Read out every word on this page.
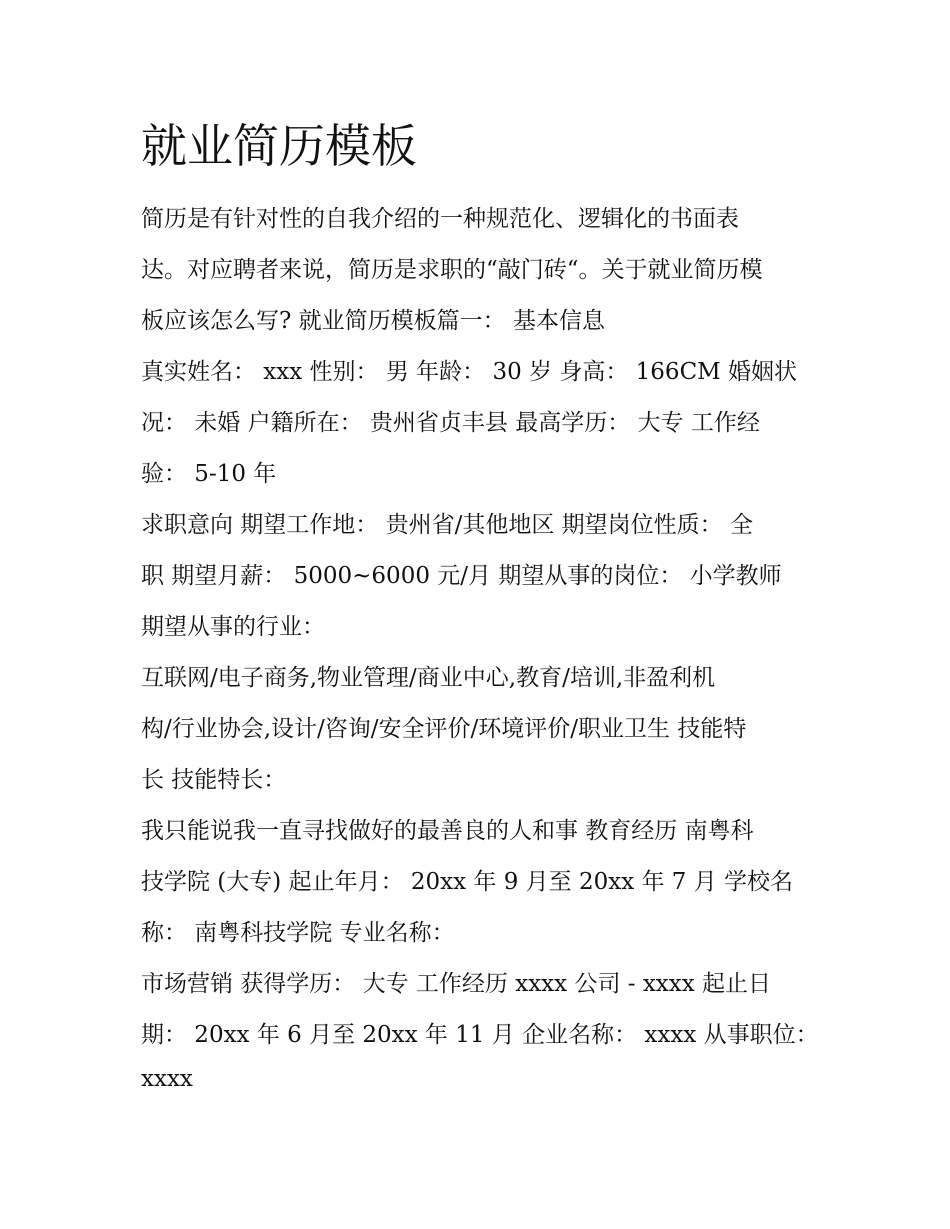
就业简历模板

简历是有针对性的自我介绍的一种规范化、逻辑化的书面表

达。对应聘者来说，简历是求职的“敲门砖“。关于就业简历模

板应该怎么写? 就业简历模板篇一： 基本信息

真实姓名： xxx 性别： 男 年龄： 30 岁 身高： 166CM 婚姻状

况： 未婚 户籍所在： 贵州省贞丰县 最高学历： 大专 工作经

验： 5-10 年

求职意向 期望工作地： 贵州省/其他地区 期望岗位性质： 全

职 期望月薪： 5000~6000 元/月 期望从事的岗位： 小学教师

期望从事的行业：

互联网/电子商务,物业管理/商业中心,教育/培训,非盈利机

构/行业协会,设计/咨询/安全评价/环境评价/职业卫生 技能特

长 技能特长：

我只能说我一直寻找做好的最善良的人和事 教育经历 南粤科

技学院 (大专) 起止年月： 20xx 年 9 月至 20xx 年 7 月 学校名

称： 南粤科技学院 专业名称：

市场营销 获得学历： 大专 工作经历 xxxx 公司 - xxxx 起止日

期： 20xx 年 6 月至 20xx 年 11 月 企业名称： xxxx 从事职位：

xxxx
